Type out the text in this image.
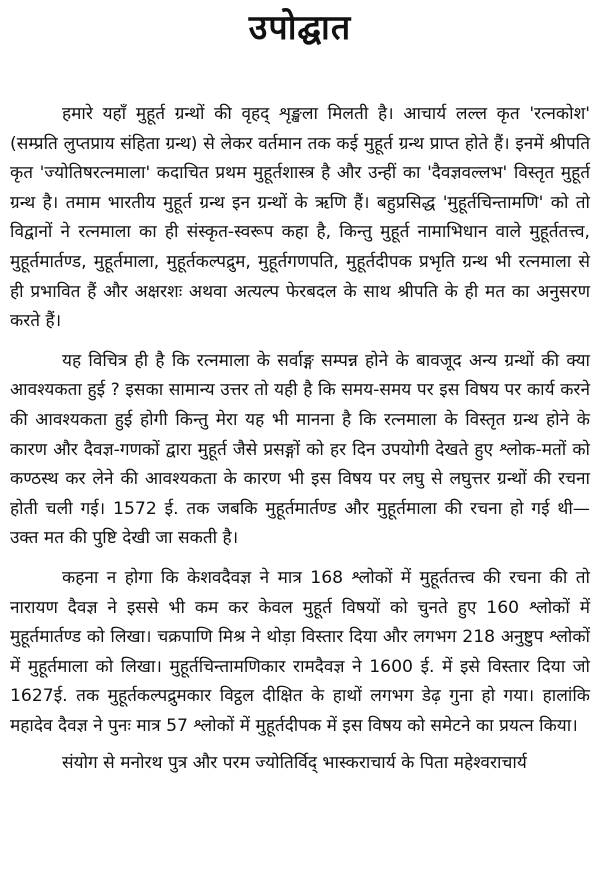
उपोद्घात

हमारे यहाँ मुहूर्त ग्रन्थों की वृहद् शृङ्खला मिलती है। आचार्य लल्ल कृत 'रत्नकोश' (सम्प्रति लुप्तप्राय संहिता ग्रन्थ) से लेकर वर्तमान तक कई मुहूर्त ग्रन्थ प्राप्त होते हैं। इनमें श्रीपति कृत 'ज्योतिषरत्नमाला' कदाचित प्रथम मुहूर्तशास्त्र है और उन्हीं का 'दैवज्ञवल्लभ' विस्तृत मुहूर्त ग्रन्थ है। तमाम भारतीय मुहूर्त ग्रन्थ इन ग्रन्थों के ऋणि हैं। बहुप्रसिद्ध 'मुहूर्तचिन्तामणि' को तो विद्वानों ने रत्नमाला का ही संस्कृत-स्वरूप कहा है, किन्तु मुहूर्त नामाभिधान वाले मुहूर्ततत्त्व, मुहूर्तमार्तण्ड, मुहूर्तमाला, मुहूर्तकल्पद्रुम, मुहूर्तगणपति, मुहूर्तदीपक प्रभृति ग्रन्थ भी रत्नमाला से ही प्रभावित हैं और अक्षरशः अथवा अत्यल्प फेरबदल के साथ श्रीपति के ही मत का अनुसरण करते हैं।

यह विचित्र ही है कि रत्नमाला के सर्वाङ्ग सम्पन्न होने के बावजूद अन्य ग्रन्थों की क्या आवश्यकता हुई ? इसका सामान्य उत्तर तो यही है कि समय-समय पर इस विषय पर कार्य करने की आवश्यकता हुई होगी किन्तु मेरा यह भी मानना है कि रत्नमाला के विस्तृत ग्रन्थ होने के कारण और दैवज्ञ-गणकों द्वारा मुहूर्त जैसे प्रसङ्गों को हर दिन उपयोगी देखते हुए श्लोक-मतों को कण्ठस्थ कर लेने की आवश्यकता के कारण भी इस विषय पर लघु से लघुत्तर ग्रन्थों की रचना होती चली गई। 1572 ई. तक जबकि मुहूर्तमार्तण्ड और मुहूर्तमाला की रचना हो गई थी— उक्त मत की पुष्टि देखी जा सकती है।

कहना न होगा कि केशवदैवज्ञ ने मात्र 168 श्लोकों में मुहूर्ततत्त्व की रचना की तो नारायण दैवज्ञ ने इससे भी कम कर केवल मुहूर्त विषयों को चुनते हुए 160 श्लोकों में मुहूर्तमार्तण्ड को लिखा। चक्रपाणि मिश्र ने थोड़ा विस्तार दिया और लगभग 218 अनुष्टुप श्लोकों में मुहूर्तमाला को लिखा। मुहूर्तचिन्तामणिकार रामदैवज्ञ ने 1600 ई. में इसे विस्तार दिया जो 1627ई. तक मुहूर्तकल्पद्रुमकार विट्ठल दीक्षित के हाथों लगभग डेढ़ गुना हो गया। हालांकि महादेव दैवज्ञ ने पुनः मात्र 57 श्लोकों में मुहूर्तदीपक में इस विषय को समेटने का प्रयत्न किया।

संयोग से मनोरथ पुत्र और परम ज्योतिर्विद् भास्कराचार्य के पिता महेश्वराचार्य
